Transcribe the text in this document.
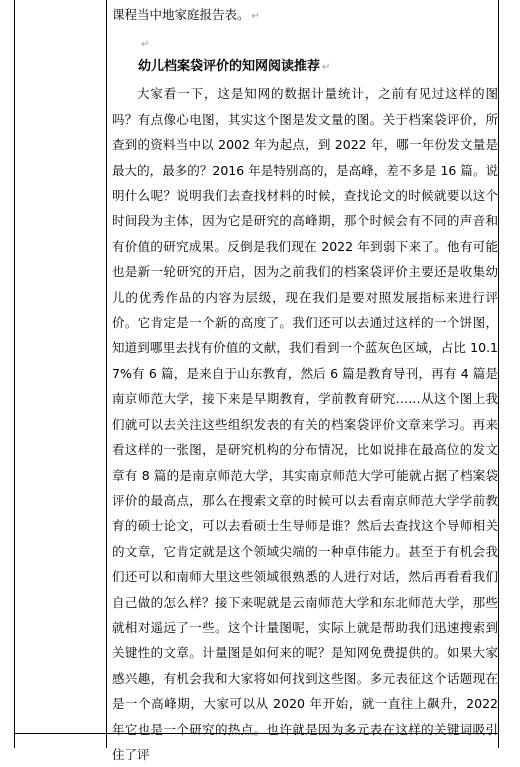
课程当中地家庭报告表。 ↵

↵

幼儿档案袋评价的知网阅读推荐 ↵

大家看一下，这是知网的数据计量统计，之前有见过这样的图吗？有点像心电图，其实这个图是发文量的图。关于档案袋评价，所查到的资料当中以 2002 年为起点，到 2022 年，哪一年份发文量是最大的，最多的？2016 年是特别高的，是高峰，差不多是 16 篇。说明什么呢？说明我们去查找材料的时候，查找论文的时候就要以这个时间段为主体，因为它是研究的高峰期，那个时候会有不同的声音和有价值的研究成果。反倒是我们现在 2022 年到弱下来了。他有可能也是新一轮研究的开启，因为之前我们的档案袋评价主要还是收集幼儿的优秀作品的内容为层级，现在我们是要对照发展指标来进行评价。它肯定是一个新的高度了。我们还可以去通过这样的一个饼图，知道到哪里去找有价值的文献，我们看到一个蓝灰色区域，占比 10.17%有 6 篇，是来自于山东教育，然后 6 篇是教育导刊，再有 4 篇是南京师范大学，接下来是早期教育，学前教育研究……从这个图上我们就可以去关注这些组织发表的有关的档案袋评价文章来学习。再来看这样的一张图，是研究机构的分布情况，比如说排在最高位的发文章有 8 篇的是南京师范大学，其实南京师范大学可能就占据了档案袋评价的最高点，那么在搜索文章的时候可以去看南京师范大学学前教育的硕士论文，可以去看硕士生导师是谁？然后去查找这个导师相关的文章，它肯定就是这个领域尖端的一种卓伟能力。甚至于有机会我们还可以和南师大里这些领域很熟悉的人进行对话，然后再看看我们自己做的怎么样？接下来呢就是云南师范大学和东北师范大学，那些就相对遥远了一些。这个计量图呢，实际上就是帮助我们迅速搜索到关键性的文章。计量图是如何来的呢？是知网免费提供的。如果大家感兴趣，有机会我和大家将如何找到这些图。多元表征这个话题现在是一个高峰期，大家可以从 2020 年开始，就一直往上飙升，2022 年它也是一个研究的热点。也许就是因为多元表在这样的关键词吸引住了评
